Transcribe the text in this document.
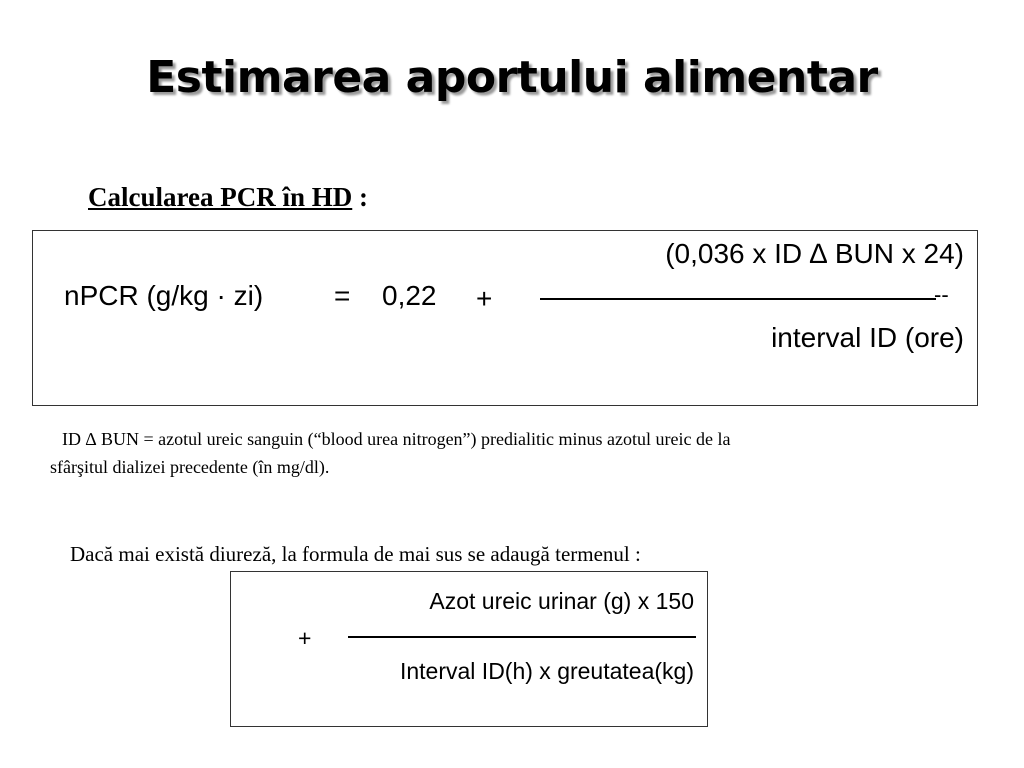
Estimarea aportului alimentar
Calcularea PCR în HD :
nPCR (g/kg · zi)	= 0,22 +
(0,036 x ID ∆ BUN x 24)
--
interval ID (ore)
ID ∆ BUN = azotul ureic sanguin (“blood urea nitrogen”) predialitic minus azotul ureic de la
sfârşitul dializei precedente (în mg/dl).
Dacă mai există diureză, la formula de mai sus se adaugă termenul :
+
Azot ureic urinar (g) x 150
Interval ID(h) x greutatea(kg)
